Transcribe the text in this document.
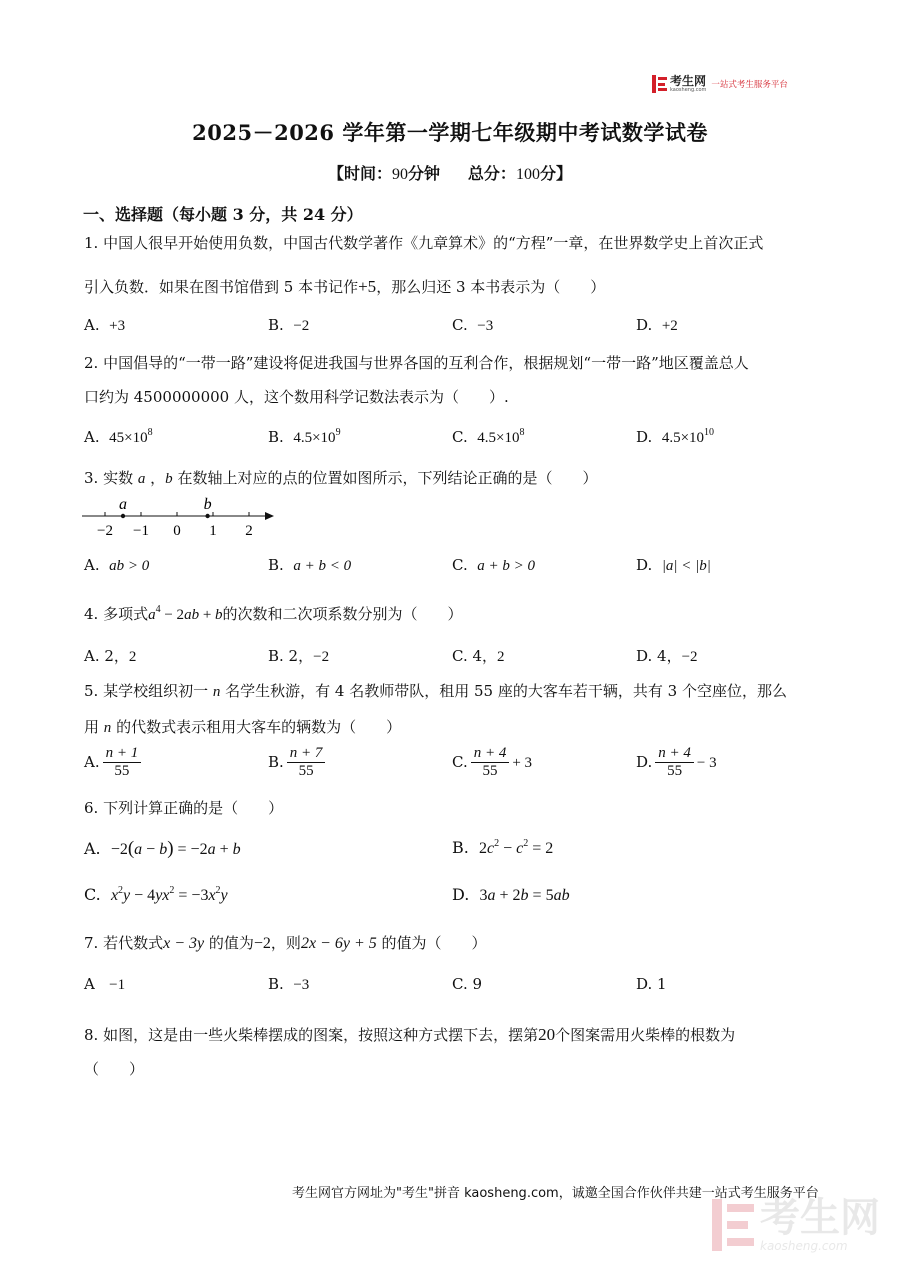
考生网
kaosheng.com 一站式考生服务平台
2025－2026 学年第一学期七年级期中考试数学试卷
【时间：90分钟 总分：100分】
一、选择题（每小题 3 分，共 24 分）
1. 中国人很早开始使用负数，中国古代数学著作《九章算术》的“方程”一章，在世界数学史上首次正式
引入负数．如果在图书馆借到 5 本书记作+5，那么归还 3 本书表示为（　　）
A. +3	B. −2	C. −3	D. +2
2. 中国倡导的“一带一路”建设将促进我国与世界各国的互利合作，根据规划“一带一路”地区覆盖总人
口约为 4500000000 人，这个数用科学记数法表示为（　　）.
A. $45\times 10^8$	B. $4.5\times 10^9$	C. $4.5\times 10^8$	D. $4.5\times 10^{10}$
3. 实数 a ，b 在数轴上对应的点的位置如图所示，下列结论正确的是（　　）
−2 −1 0 1 2
a	b
A. ab > 0	B. a + b < 0	C. a + b > 0	D. |a| < |b|
4. 多项式$a^4 - 2ab + b$的次数和二次项系数分别为（　　）
A. 2，2	B. 2，−2	C. 4，2	D. 4，−2
5. 某学校组织初一 n 名学生秋游，有 4 名教师带队，租用 55 座的大客车若干辆，共有 3 个空座位，那么
用 n 的代数式表示租用大客车的辆数为（　　）
A. $\frac{n + 1}{55}$	B. $\frac{n + 7}{55}$	C. $\frac{n + 4}{55} + 3$	D. $\frac{n + 4}{55} - 3$
6. 下列计算正确的是（　　）
A. −2(a − b) = −2a + b	B. $2c^2 - c^2 = 2$
C. $x^2y - 4yx^2 = -3x^2y$	D. 3a + 2b = 5ab
7. 若代数式x − 3y 的值为−2，则2x − 6y + 5 的值为（　　）
A −1	B. −3	C. 9	D. 1
8. 如图，这是由一些火柴棒摆成的图案，按照这种方式摆下去，摆第20个图案需用火柴棒的根数为
（　　）
考生网官方网址为"考生"拼音 kaosheng.com，诚邀全国合作伙伴共建一站式考生服务平台
考生网
kaosheng.com
